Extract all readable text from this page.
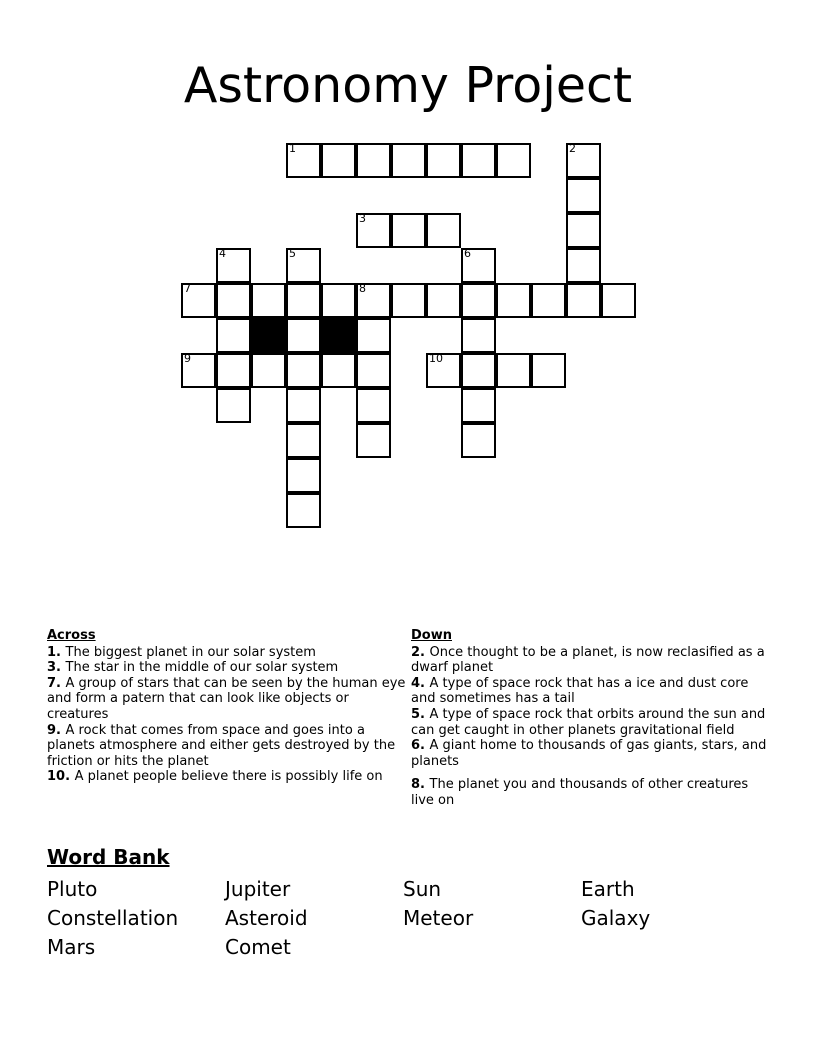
Astronomy Project
1	2
3
4	5	6
7	8
9	10
Across

1. The biggest planet in our solar system

3. The star in the middle of our solar system

7. A group of stars that can be seen by the human eye and form a patern that can look like objects or creatures

9. A rock that comes from space and goes into a planets atmosphere and either gets destroyed by the friction or hits the planet

10. A planet people believe there is possibly life on

Down

2. Once thought to be a planet, is now reclasified as a dwarf planet

4. A type of space rock that has a ice and dust core and sometimes has a tail

5. A type of space rock that orbits around the sun and can get caught in other planets gravitational field

6. A giant home to thousands of gas giants, stars, and planets

8. The planet you and thousands of other creatures live on

Word Bank
Pluto	Jupiter	Sun	Earth
Constellation Asteroid	Meteor	Galaxy
Mars	Comet
